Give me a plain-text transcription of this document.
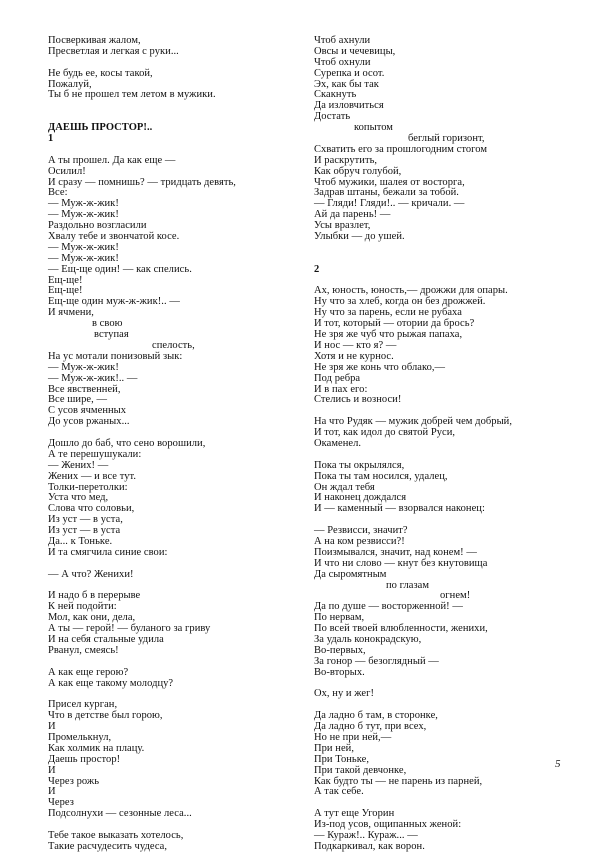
Посверкивая жалом,
Пресветлая и легкая с руки...
Не будь ее, косы такой,
Пожалуй,
Ты б не прошел тем летом в мужики.
ДАЕШЬ ПРОСТОР!..
1
А ты прошел. Да как еще —
Осилил!
И сразу — помнишь? — тридцать девять,
Все:
— Муж-ж-жик!
— Муж-ж-жик!
Раздольно возгласили
Хвалу тебе и звончатой косе.
— Муж-ж-жик!
— Муж-ж-жик!
— Ещ-ще один! — как спелись.
Ещ-ще!
Ещ-ще!
Ещ-ще один муж-ж-жик!.. —
И ячмени,
в свою
вступая
спелость,
На ус мотали понизовый зык:
— Муж-ж-жик!
— Муж-ж-жик!.. —
Все явственней,
Все шире, —
С усов ячменных
До усов ржаных...
Дошло до баб, что сено ворошили,
А те перешушукали:
— Жених! —
Жених — и все тут.
Толки-перетолки:
Уста что мед,
Слова что соловьи,
Из уст — в уста,
Из уст — в уста
Да... к Тоньке.
И та смягчила синие свои:
— А что? Женихи!
И надо б в перерыве
К ней подойти:
Мол, как они, дела,
А ты — герой! — буланого за гриву
И на себя стальные удила
Рванул, смеясь!
А как еще герою?
А как еще такому молодцу?
Присел курган,
Что в детстве был горою,
И
Промелькнул,
Как холмик на плацу.
Даешь простор!
И
Через рожь
И
Через
Подсолнухи — сезонные леса...
Тебе такое выказать хотелось,
Такие расчудесить чудеса,
Чтоб ахнули
Овсы и чечевицы,
Чтоб охнули
Сурепка и осот.
Эх, как бы так
Скакнуть
Да изловчиться
Достать
копытом
беглый горизонт,
Схватить его за прошлогодним стогом
И раскрутить,
Как обруч голубой,
Чтоб мужики, шалея от восторга,
Задрав штаны, бежали за тобой.
— Гляди! Гляди!.. — кричали. —
Ай да парень! —
Усы вразлет,
Улыбки — до ушей.
2
Ах, юность, юность,— дрожжи для опары.
Ну что за хлеб, когда он без дрожжей.
Ну что за парень, если не рубаха
И тот, который — отории да брось?
Не зря же чуб что рыжая папаха,
И нос — кто я? —
Хотя и не курнос.
Не зря же конь что облако,—
Под ребра
И в пах его:
Стелись и возноси!
На что Рудяк — мужик добрей чем добрый,
И тот, как идол до святой Руси,
Окаменел.
Пока ты окрылялся,
Пока ты там носился, удалец,
Он ждал тебя
И наконец дождался
И — каменный — взорвался наконец:
— Резвисси, значит?
А на ком резвисси?!
Поизмывался, значит, над конем! —
И что ни слово — кнут без кнутовища
Да сыромятным
по глазам
огнем!
Да по душе — восторженной! —
По нервам,
По всей твоей влюбленности, женихи,
За удаль конокрадскую,
Во-первых,
За гонор — безоглядный —
Во-вторых.
Ох, ну и жег!
Да ладно б там, в сторонке,
Да ладно б тут, при всех,
Но не при ней,—
При ней,
При Тоньке,
При такой девчонке,
Как будто ты — не парень из парней,
А так себе.
А тут еще Угорин
Из-под усов, ощипанных женой:
— Кураж!.. Кураж... —
Подкаркивал, как ворон.
5
